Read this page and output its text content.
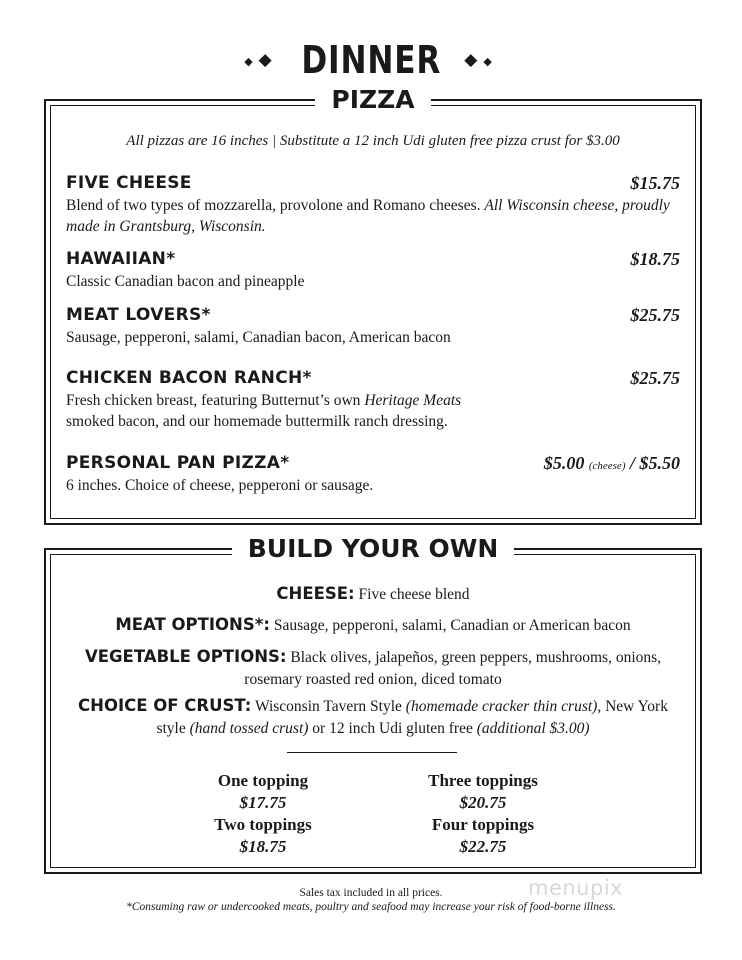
◆◆ DINNER ◆◆
PIZZA
All pizzas are 16 inches | Substitute a 12 inch Udi gluten free pizza crust for $3.00
FIVE CHEESE	$15.75
Blend of two types of mozzarella, provolone and Romano cheeses. All Wisconsin cheese, proudly made in Grantsburg, Wisconsin.
HAWAIIAN*	$18.75
Classic Canadian bacon and pineapple
MEAT LOVERS*	$25.75
Sausage, pepperoni, salami, Canadian bacon, American bacon
CHICKEN BACON RANCH*	$25.75
Fresh chicken breast, featuring Butternut’s own Heritage Meats
smoked bacon, and our homemade buttermilk ranch dressing.
PERSONAL PAN PIZZA*	$5.00 (cheese) / $5.50
6 inches. Choice of cheese, pepperoni or sausage.
BUILD YOUR OWN
CHEESE: Five cheese blend
MEAT OPTIONS*: Sausage, pepperoni, salami, Canadian or American bacon
VEGETABLE OPTIONS: Black olives, jalapeños, green peppers, mushrooms, onions, rosemary roasted red onion, diced tomato
CHOICE OF CRUST: Wisconsin Tavern Style (homemade cracker thin crust), New York style (hand tossed crust) or 12 inch Udi gluten free (additional $3.00)
One topping
$17.75
Two toppings
$18.75
Three toppings
$20.75
Four toppings
$22.75
Sales tax included in all prices.
*Consuming raw or undercooked meats, poultry and seafood may increase your risk of food-borne illness.
menupix
